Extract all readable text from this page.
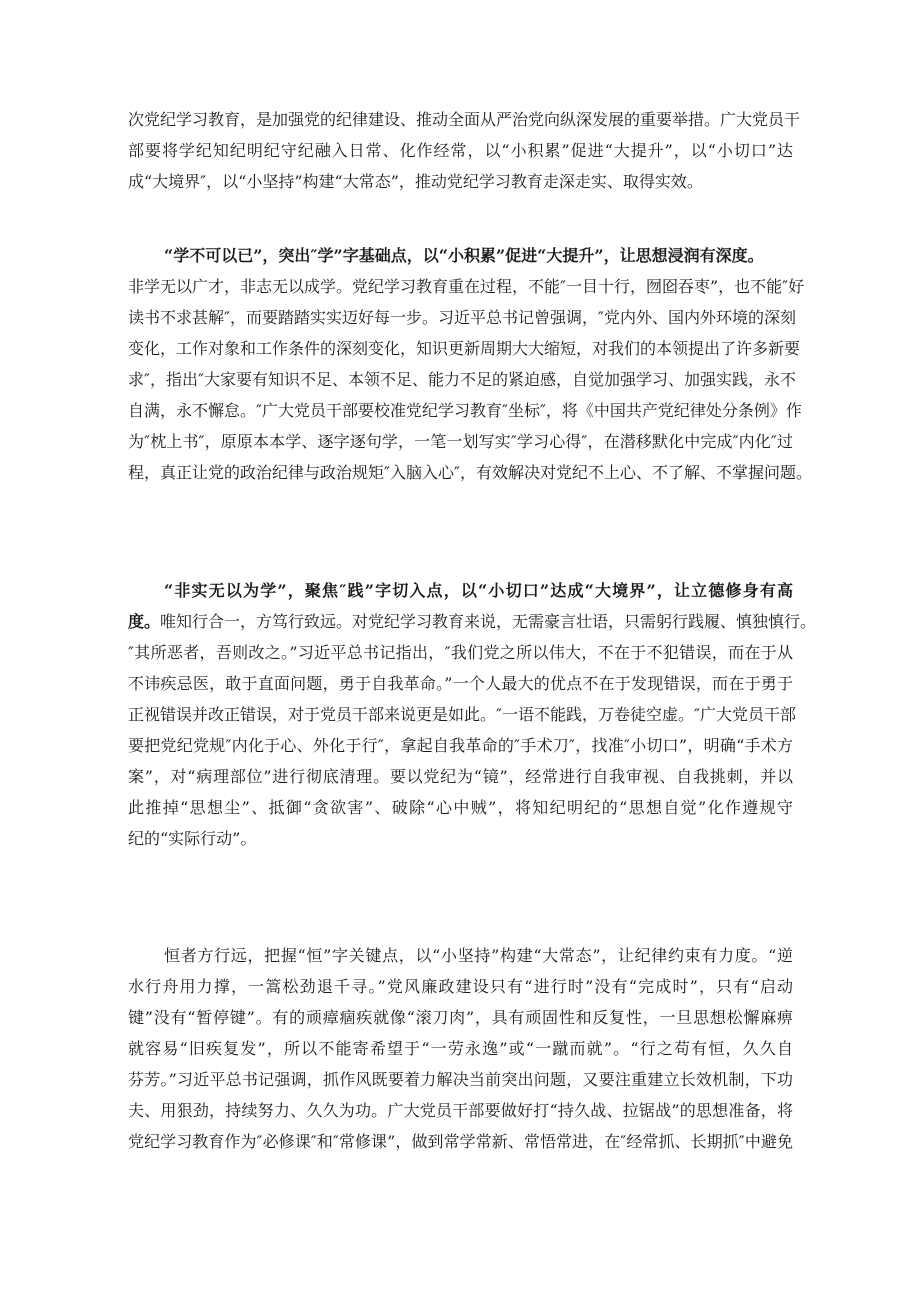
次党纪学习教育，是加强党的纪律建设、推动全面从严治党向纵深发展的重要举措。广大党员干
部要将学纪知纪明纪守纪融入日常、化作经常，以“小积累”促进“大提升”，以“小切口”达
成“大境界″，以“小坚持”构建“大常态”，推动党纪学习教育走深走实、取得实效。

“学不可以已”，突出″学”字基础点，以“小积累”促进“大提升”，让思想浸润有深度。
非学无以广才，非志无以成学。党纪学习教育重在过程，不能″一目十行，囫囵吞枣”，也不能″好
读书不求甚解″，而要踏踏实实迈好每一步。习近平总书记曾强调，″党内外、国内外环境的深刻
变化，工作对象和工作条件的深刻变化，知识更新周期大大缩短，对我们的本领提出了许多新要
求″，指出″大家要有知识不足、本领不足、能力不足的紧迫感，自觉加强学习、加强实践，永不
自满，永不懈怠。″广大党员干部要校准党纪学习教育″坐标″，将《中国共产党纪律处分条例》作
为″枕上书″，原原本本学、逐字逐句学，一笔一划写实″学习心得″，在潜移默化中完成″内化″过
程，真正让党的政治纪律与政治规矩″入脑入心″，有效解决对党纪不上心、不了解、不掌握问题。

“非实无以为学”，聚焦″践”字切入点，以“小切口”达成“大境界”，让立德修身有高
度。唯知行合一，方笃行致远。对党纪学习教育来说，无需豪言壮语，只需躬行践履、慎独慎行。
″其所恶者，吾则改之。”习近平总书记指出，″我们党之所以伟大，不在于不犯错误，而在于从
不讳疾忌医，敢于直面问题，勇于自我革命。”一个人最大的优点不在于发现错误，而在于勇于
正视错误并改正错误，对于党员干部来说更是如此。″一语不能践，万卷徒空虚。″广大党员干部
要把党纪党规″内化于心、外化于行″，拿起自我革命的″手术刀″，找准″小切口”，明确“手术方
案”，对“病理部位”进行彻底清理。要以党纪为“镜”，经常进行自我审视、自我挑刺，并以
此推掉“思想尘”、抵御“贪欲害”、破除“心中贼”，将知纪明纪的“思想自觉”化作遵规守
纪的“实际行动”。

恒者方行远，把握“恒”字关键点，以“小坚持”构建“大常态”，让纪律约束有力度。“逆
水行舟用力撑，一篙松劲退千寻。”党风廉政建设只有“进行时”没有“完成时”，只有“启动
键”没有“暂停键”。有的顽瘴痼疾就像“滚刀肉”，具有顽固性和反复性，一旦思想松懈麻痹
就容易“旧疾复发”，所以不能寄希望于“一劳永逸”或“一蹴而就”。“行之苟有恒，久久自
芬芳。”习近平总书记强调，抓作风既要着力解决当前突出问题，又要注重建立长效机制，下功
夫、用狠劲，持续努力、久久为功。广大党员干部要做好打“持久战、拉锯战”的思想准备，将
党纪学习教育作为″必修课″和″常修课”，做到常学常新、常悟常进，在″经常抓、长期抓″中避免
